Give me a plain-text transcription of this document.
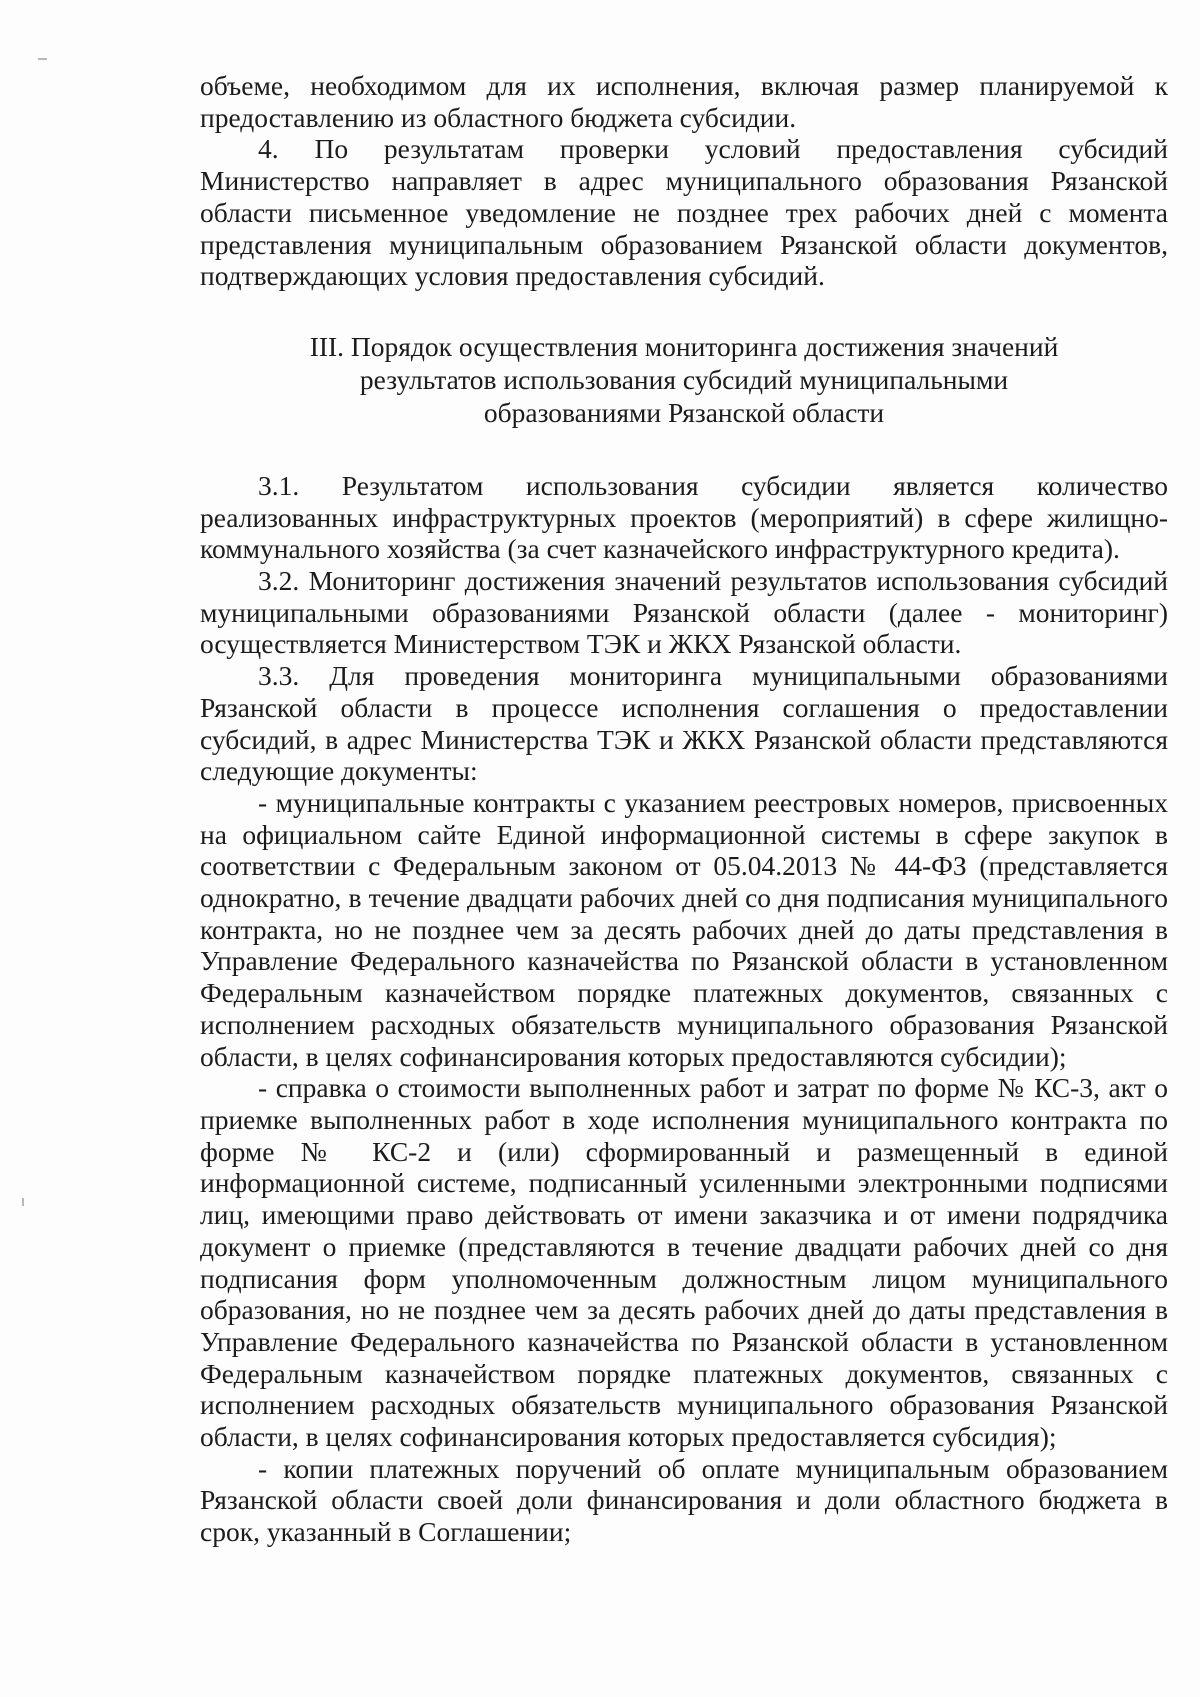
объеме, необходимом для их исполнения, включая размер планируемой к предоставлению из областного бюджета субсидии.

4. По результатам проверки условий предоставления субсидий Министерство направляет в адрес муниципального образования Рязанской области письменное уведомление не позднее трех рабочих дней с момента представления муниципальным образованием Рязанской области документов, подтверждающих условия предоставления субсидий.

III. Порядок осуществления мониторинга достижения значений
результатов использования субсидий муниципальными
образованиями Рязанской области

3.1. Результатом использования субсидии является количество реализованных инфраструктурных проектов (мероприятий) в сфере жилищно-коммунального хозяйства (за счет казначейского инфраструктурного кредита).

3.2. Мониторинг достижения значений результатов использования субсидий муниципальными образованиями Рязанской области (далее - мониторинг) осуществляется Министерством ТЭК и ЖКХ Рязанской области.

3.3. Для проведения мониторинга муниципальными образованиями Рязанской области в процессе исполнения соглашения о предоставлении субсидий, в адрес Министерства ТЭК и ЖКХ Рязанской области представляются следующие документы:

- муниципальные контракты с указанием реестровых номеров, присвоенных на официальном сайте Единой информационной системы в сфере закупок в соответствии с Федеральным законом от 05.04.2013 № 44-ФЗ (представляется однократно, в течение двадцати рабочих дней со дня подписания муниципального контракта, но не позднее чем за десять рабочих дней до даты представления в Управление Федерального казначейства по Рязанской области в установленном Федеральным казначейством порядке платежных документов, связанных с исполнением расходных обязательств муниципального образования Рязанской области, в целях софинансирования которых предоставляются субсидии);

- справка о стоимости выполненных работ и затрат по форме № КС-3, акт о приемке выполненных работ в ходе исполнения муниципального контракта по форме № КС-2 и (или) сформированный и размещенный в единой информационной системе, подписанный усиленными электронными подписями лиц, имеющими право действовать от имени заказчика и от имени подрядчика документ о приемке (представляются в течение двадцати рабочих дней со дня подписания форм уполномоченным должностным лицом муниципального образования, но не позднее чем за десять рабочих дней до даты представления в Управление Федерального казначейства по Рязанской области в установленном Федеральным казначейством порядке платежных документов, связанных с исполнением расходных обязательств муниципального образования Рязанской области, в целях софинансирования которых предоставляется субсидия);

- копии платежных поручений об оплате муниципальным образованием Рязанской области своей доли финансирования и доли областного бюджета в срок, указанный в Соглашении;
